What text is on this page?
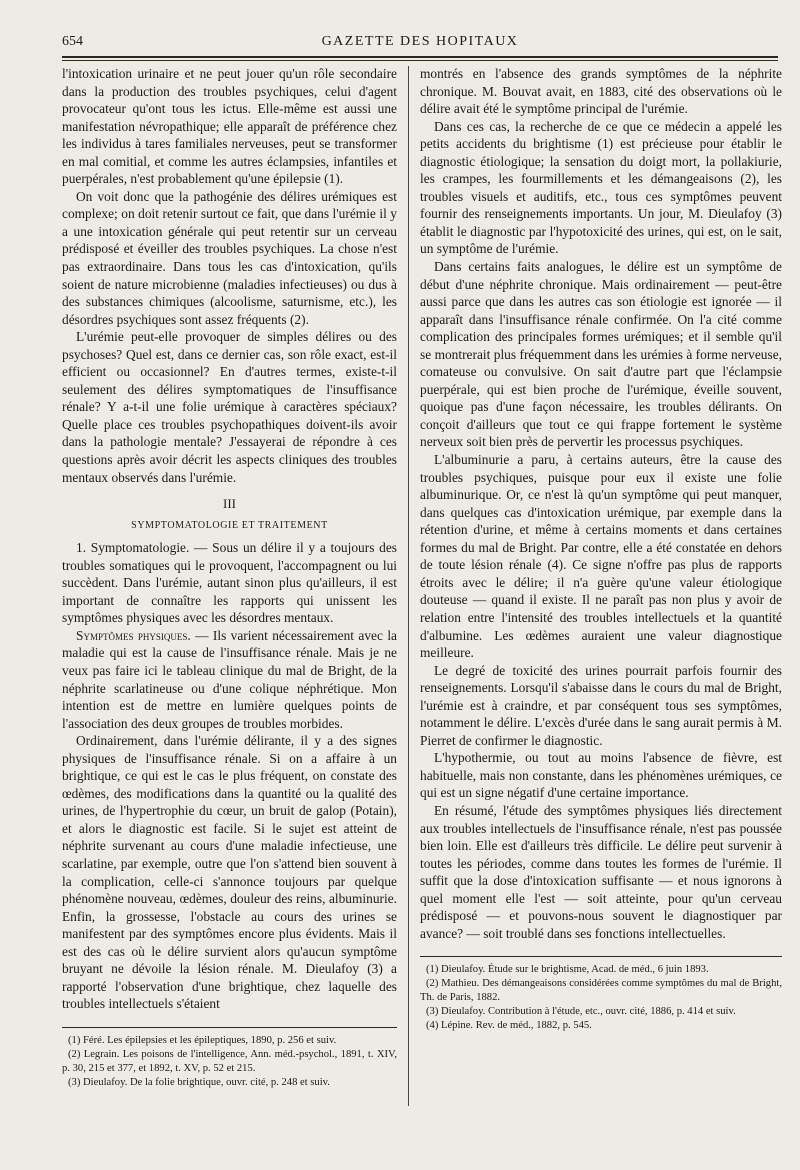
654	GAZETTE DES HOPITAUX

l'intoxication urinaire et ne peut jouer qu'un rôle secondaire dans la production des troubles psychiques, celui d'agent provocateur qu'ont tous les ictus. Elle-même est aussi une manifestation névropathique; elle apparaît de préférence chez les individus à tares familiales nerveuses, peut se transformer en mal comitial, et comme les autres éclampsies, infantiles et puerpérales, n'est probablement qu'une épilepsie (1).

On voit donc que la pathogénie des délires urémiques est complexe; on doit retenir surtout ce fait, que dans l'urémie il y a une intoxication générale qui peut retentir sur un cerveau prédisposé et éveiller des troubles psychiques. La chose n'est pas extraordinaire. Dans tous les cas d'intoxication, qu'ils soient de nature microbienne (maladies infectieuses) ou dus à des substances chimiques (alcoolisme, saturnisme, etc.), les désordres psychiques sont assez fréquents (2).

L'urémie peut-elle provoquer de simples délires ou des psychoses? Quel est, dans ce dernier cas, son rôle exact, est-il efficient ou occasionnel? En d'autres termes, existe-t-il seulement des délires symptomatiques de l'insuffisance rénale? Y a-t-il une folie urémique à caractères spéciaux? Quelle place ces troubles psychopathiques doivent-ils avoir dans la pathologie mentale? J'essayerai de répondre à ces questions après avoir décrit les aspects cliniques des troubles mentaux observés dans l'urémie.

III
SYMPTOMATOLOGIE ET TRAITEMENT

1. Symptomatologie. — Sous un délire il y a toujours des troubles somatiques qui le provoquent, l'accompagnent ou lui succèdent. Dans l'urémie, autant sinon plus qu'ailleurs, il est important de connaître les rapports qui unissent les symptômes physiques avec les désordres mentaux.

Symptômes physiques. — Ils varient nécessairement avec la maladie qui est la cause de l'insuffisance rénale. Mais je ne veux pas faire ici le tableau clinique du mal de Bright, de la néphrite scarlatineuse ou d'une colique néphrétique. Mon intention est de mettre en lumière quelques points de l'association des deux groupes de troubles morbides.

Ordinairement, dans l'urémie délirante, il y a des signes physiques de l'insuffisance rénale. Si on a affaire à un brightique, ce qui est le cas le plus fréquent, on constate des œdèmes, des modifications dans la quantité ou la qualité des urines, de l'hypertrophie du cœur, un bruit de galop (Potain), et alors le diagnostic est facile. Si le sujet est atteint de néphrite survenant au cours d'une maladie infectieuse, une scarlatine, par exemple, outre que l'on s'attend bien souvent à la complication, celle-ci s'annonce toujours par quelque phénomène nouveau, œdèmes, douleur des reins, albuminurie. Enfin, la grossesse, l'obstacle au cours des urines se manifestent par des symptômes encore plus évidents. Mais il est des cas où le délire survient alors qu'aucun symptôme bruyant ne dévoile la lésion rénale. M. Dieulafoy (3) a rapporté l'observation d'une brightique, chez laquelle des troubles intellectuels s'étaient

(1) Féré. Les épilepsies et les épileptiques, 1890, p. 256 et suiv.

(2) Legrain. Les poisons de l'intelligence, Ann. méd.-psychol., 1891, t. XIV, p. 30, 215 et 377, et 1892, t. XV, p. 52 et 215.

(3) Dieulafoy. De la folie brightique, ouvr. cité, p. 248 et suiv.

montrés en l'absence des grands symptômes de la néphrite chronique. M. Bouvat avait, en 1883, cité des observations où le délire avait été le symptôme principal de l'urémie.

Dans ces cas, la recherche de ce que ce médecin a appelé les petits accidents du brightisme (1) est précieuse pour établir le diagnostic étiologique; la sensation du doigt mort, la pollakiurie, les crampes, les fourmillements et les démangeaisons (2), les troubles visuels et auditifs, etc., tous ces symptômes peuvent fournir des renseignements importants. Un jour, M. Dieulafoy (3) établit le diagnostic par l'hypotoxicité des urines, qui est, on le sait, un symptôme de l'urémie.

Dans certains faits analogues, le délire est un symptôme de début d'une néphrite chronique. Mais ordinairement — peut-être aussi parce que dans les autres cas son étiologie est ignorée — il apparaît dans l'insuffisance rénale confirmée. On l'a cité comme complication des principales formes urémiques; et il semble qu'il se montrerait plus fréquemment dans les urémies à forme nerveuse, comateuse ou convulsive. On sait d'autre part que l'éclampsie puerpérale, qui est bien proche de l'urémique, éveille souvent, quoique pas d'une façon nécessaire, les troubles délirants. On conçoit d'ailleurs que tout ce qui frappe fortement le système nerveux soit bien près de pervertir les processus psychiques.

L'albuminurie a paru, à certains auteurs, être la cause des troubles psychiques, puisque pour eux il existe une folie albuminurique. Or, ce n'est là qu'un symptôme qui peut manquer, dans quelques cas d'intoxication urémique, par exemple dans la rétention d'urine, et même à certains moments et dans certaines formes du mal de Bright. Par contre, elle a été constatée en dehors de toute lésion rénale (4). Ce signe n'offre pas plus de rapports étroits avec le délire; il n'a guère qu'une valeur étiologique douteuse — quand il existe. Il ne paraît pas non plus y avoir de relation entre l'intensité des troubles intellectuels et la quantité d'albumine. Les œdèmes auraient une valeur diagnostique meilleure.

Le degré de toxicité des urines pourrait parfois fournir des renseignements. Lorsqu'il s'abaisse dans le cours du mal de Bright, l'urémie est à craindre, et par conséquent tous ses symptômes, notamment le délire. L'excès d'urée dans le sang aurait permis à M. Pierret de confirmer le diagnostic.

L'hypothermie, ou tout au moins l'absence de fièvre, est habituelle, mais non constante, dans les phénomènes urémiques, ce qui est un signe négatif d'une certaine importance.

En résumé, l'étude des symptômes physiques liés directement aux troubles intellectuels de l'insuffisance rénale, n'est pas poussée bien loin. Elle est d'ailleurs très difficile. Le délire peut survenir à toutes les périodes, comme dans toutes les formes de l'urémie. Il suffit que la dose d'intoxication suffisante — et nous ignorons à quel moment elle l'est — soit atteinte, pour qu'un cerveau prédisposé — et pouvons-nous souvent le diagnostiquer par avance? — soit troublé dans ses fonctions intellectuelles.

(1) Dieulafoy. Étude sur le brightisme, Acad. de méd., 6 juin 1893.

(2) Mathieu. Des démangeaisons considérées comme symptômes du mal de Bright, Th. de Paris, 1882.

(3) Dieulafoy. Contribution à l'étude, etc., ouvr. cité, 1886, p. 414 et suiv.

(4) Lépine. Rev. de méd., 1882, p. 545.
